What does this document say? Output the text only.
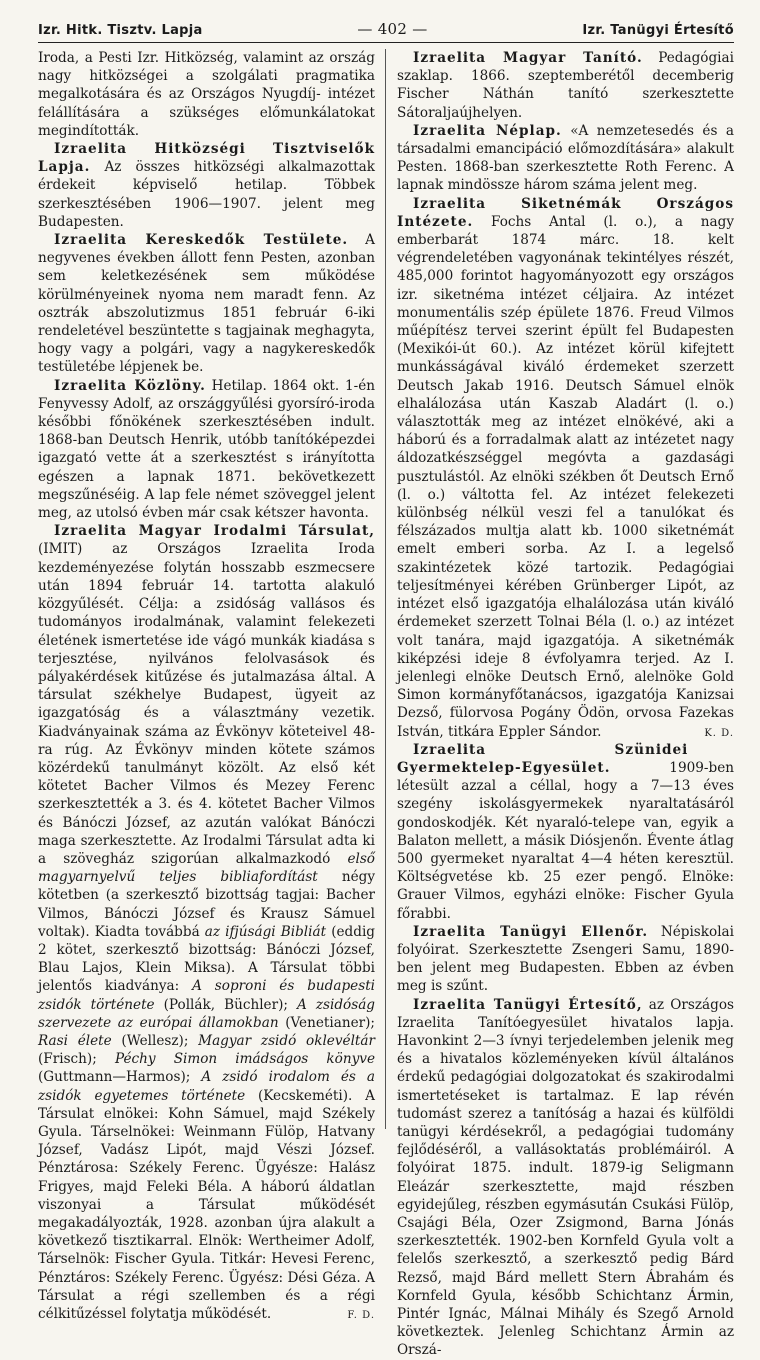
Izr. Hitk. Tisztv. Lapja	— 402 —	Izr. Tanügyi Értesítő

Iroda, a Pesti Izr. Hitközség, valamint az ország nagy hitközségei a szolgálati pragmatika megalkotására és az Országos Nyugdíj- intézet felállítására a szükséges előmunkálatokat megindították.

Izraelita Hitközségi Tisztviselők Lapja. Az összes hitközségi alkalmazottak érdekeit képviselő hetilap. Többek szerkesztésében 1906—1907. jelent meg Budapesten.

Izraelita Kereskedők Testülete. A negyvenes években állott fenn Pesten, azonban sem keletkezésének sem működése körülményeinek nyoma nem maradt fenn. Az osztrák abszolutizmus 1851 február 6-iki rendeletével beszüntette s tagjainak meghagyta, hogy vagy a polgári, vagy a nagykereskedők testületébe lépjenek be.

Izraelita Közlöny. Hetilap. 1864 okt. 1-én Fenyvessy Adolf, az országgyűlési gyorsíró-iroda későbbi főnökének szerkesztésében indult. 1868-ban Deutsch Henrik, utóbb tanítóképezdei igazgató vette át a szerkesztést s irányította egészen a lapnak 1871. bekövetkezett megszűnéséig. A lap fele német szöveggel jelent meg, az utolsó évben már csak kétszer havonta.

Izraelita Magyar Irodalmi Társulat, (IMIT) az Országos Izraelita Iroda kezdeményezése folytán hosszabb eszmecsere után 1894 február 14. tartotta alakuló közgyűlését. Célja: a zsidóság vallásos és tudományos irodalmának, valamint felekezeti életének ismertetése ide vágó munkák kiadása s terjesztése, nyilvános felolvasások és pályakérdések kitűzése és jutalmazása által. A társulat székhelye Budapest, ügyeit az igazgatóság és a választmány vezetik. Kiadványainak száma az Évkönyv köteteivel 48-ra rúg. Az Évkönyv minden kötete számos közérdekű tanulmányt közölt. Az első két kötetet Bacher Vilmos és Mezey Ferenc szerkesztették a 3. és 4. kötetet Bacher Vilmos és Bánóczi József, az azután valókat Bánóczi maga szerkesztette. Az Irodalmi Társulat adta ki a szövegház szigorúan alkalmazkodó első magyarnyelvű teljes bibliafordítást négy kötetben (a szerkesztő bizottság tagjai: Bacher Vilmos, Bánóczi József és Krausz Sámuel voltak). Kiadta továbbá az ifjúsági Bibliát (eddig 2 kötet, szerkesztő bizottság: Bánóczi József, Blau Lajos, Klein Miksa). A Társulat többi jelentős kiadványa: A soproni és budapesti zsidók története (Pollák, Büchler); A zsidóság szervezete az európai államokban (Venetianer); Rasi élete (Wellesz); Magyar zsidó oklevéltár (Frisch); Péchy Simon imádságos könyve (Guttmann—Harmos); A zsidó irodalom és a zsidók egyetemes története (Kecskeméti). A Társulat elnökei: Kohn Sámuel, majd Székely Gyula. Társelnökei: Weinmann Fülöp, Hatvany József, Vadász Lipót, majd Vészi József. Pénztárosa: Székely Ferenc. Ügyésze: Halász Frigyes, majd Feleki Béla. A háború áldatlan viszonyai a Társulat működését megakadályozták, 1928. azonban újra alakult a következő tisztikarral. Elnök: Wertheimer Adolf, Társelnök: Fischer Gyula. Titkár: Hevesi Ferenc, Pénztáros: Székely Ferenc. Ügyész: Dési Géza. A Társulat a régi szellemben és a régi célkitűzéssel folytatja működését.	F. D.

Izraelita Magyar Tanító. Pedagógiai szaklap. 1866. szeptemberétől decemberig Fischer Náthán tanító szerkesztette Sátoraljaújhelyen.

Izraelita Néplap. «A nemzetesedés és a társadalmi emancipáció előmozdítására» alakult Pesten. 1868-ban szerkesztette Roth Ferenc. A lapnak mindössze három száma jelent meg.

Izraelita Siketnémák Országos Intézete. Fochs Antal (l. o.), a nagy emberbarát 1874 márc. 18. kelt végrendeletében vagyonának tekintélyes részét, 485,000 forintot hagyományozott egy országos izr. siketnéma intézet céljaira. Az intézet monumentális szép épülete 1876. Freud Vilmos műépítész tervei szerint épült fel Budapesten (Mexikói-út 60.). Az intézet körül kifejtett munkásságával kiváló érdemeket szerzett Deutsch Jakab 1916. Deutsch Sámuel elnök elhalálozása után Kaszab Aladárt (l. o.) választották meg az intézet elnökévé, aki a háború és a forradalmak alatt az intézetet nagy áldozatkészséggel megóvta a gazdasági pusztulástól. Az elnöki székben őt Deutsch Ernő (l. o.) váltotta fel. Az intézet felekezeti különbség nélkül veszi fel a tanulókat és félszázados multja alatt kb. 1000 siketnémát emelt emberi sorba. Az I. a legelső szakintézetek közé tartozik. Pedagógiai teljesítményei kérében Grünberger Lipót, az intézet első igazgatója elhalálozása után kiváló érdemeket szerzett Tolnai Béla (l. o.) az intézet volt tanára, majd igazgatója. A siketnémák kiképzési ideje 8 évfolyamra terjed. Az I. jelenlegi elnöke Deutsch Ernő, alelnöke Gold Simon kormányfőtanácsos, igazgatója Kanizsai Dezső, fülorvosa Pogány Ödön, orvosa Fazekas István, titkára Eppler Sándor.	K. D.

Izraelita Szünidei Gyermektelep-Egyesület. 1909-ben létesült azzal a céllal, hogy a 7—13 éves szegény iskolásgyermekek nyaraltatásáról gondoskodjék. Két nyaraló-telepe van, egyik a Balaton mellett, a másik Diósjenőn. Évente átlag 500 gyermeket nyaraltat 4—4 héten keresztül. Költségvetése kb. 25 ezer pengő. Elnöke: Grauer Vilmos, egyházi elnöke: Fischer Gyula főrabbi.

Izraelita Tanügyi Ellenőr. Népiskolai folyóirat. Szerkesztette Zsengeri Samu, 1890-ben jelent meg Budapesten. Ebben az évben meg is szűnt.

Izraelita Tanügyi Értesítő, az Országos Izraelita Tanítóegyesület hivatalos lapja. Havonkint 2—3 ívnyi terjedelemben jelenik meg és a hivatalos közleményeken kívül általános érdekű pedagógiai dolgozatokat és szakirodalmi ismertetéseket is tartalmaz. E lap révén tudomást szerez a tanítóság a hazai és külföldi tanügyi kérdésekről, a pedagógiai tudomány fejlődéséről, a vallásoktatás problémáiról. A folyóirat 1875. indult. 1879-ig Seligmann Eleázár szerkesztette, majd részben egyidejűleg, részben egymásután Csukási Fülöp, Csajági Béla, Ozer Zsigmond, Barna Jónás szerkesztették. 1902-ben Kornfeld Gyula volt a felelős szerkesztő, a szerkesztő pedig Bárd Rezső, majd Bárd mellett Stern Ábrahám és Kornfeld Gyula, később Schichtanz Ármin, Pintér Ignác, Málnai Mihály és Szegő Arnold következtek. Jelenleg Schichtanz Ármin az Orszá-
